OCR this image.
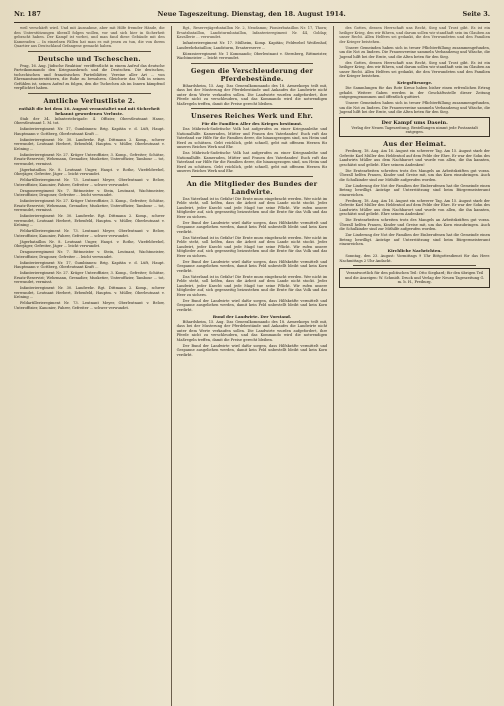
Nr. 187	Neue Tageszeitung. Dienstag, den 18. August 1914.	Seite 3.

weil verschärft wird. Und mit Ausnahme, aber mit Hilfe fremder Hände, die den Unterstützungen überall folgen wollen, vor und sich hier in Sicherheit gebracht haben. Der Kampf ist vorbei, und man fand diese Gebäude mit den Kameraden ... In einzelnen Fällen hat man es mit jenen zu tun, die von ihrem Quartier aus Deutschland Gefangene gemacht haben.

Deutsche und Tscheschen.

Prag, 16. Aug. Jüdische Reaktion' veröffentlicht in einem Aufruf das deutsche Parteikommando den Kriegsausbruch und die Deutschen. Die deutschen, tschechischen und französischen Parteiblätter, Vereine aller Art ... von Ehrenamtsunterstützern, die Ruhe zu bewahren. Gleichwie das Volk in seinen Gefühlen ist, seinen Aufruf zu folgen, den die Tschechen als im Innern kämpfend verpflichtet haben.

Amtliche Verlustliste 2.
enthält die bei dem 16. August veranstaltet und mit Sicherheit bekannt gewordenen Verluste.

Stab der 34. Infanteriebrigade: 4. Offizier, Oberstleutnant Hasse, Oberstleutnant 1. M. tot.

Infanterieregiment Nr. 17, Gumbinnen: Brig. Kapitän v. d. Lüft, Haupt. Hauptmann v. Gottberg, Oberleutnant Kraft ...

Infanterieregiment Nr. 30. Landwehr. Rgt. Dittmann 2. Komp., schwer verwundet, Leutnant Herbert, Erbenfeld, Hauptm. v. Müller, Oberleutnant v. Kröning ...

Infanterieregiment Nr. 27. Krüger Unteroffizier, 3. Komp., Gefreiter; Schütze, Ersatz-Reservist; Wehrmann, Grenadier, Musketier, Unteroffizier, Tambour ... tot, verwundet, vermisst.

Jägerbataillon Nr. 8. Leutnant Unger, Haupt. v. Rothe, Vizefeldwebel, Oberjäger, Gefreiter, Jäger ... leicht verwundet.

Feldartillerieregiment Nr. 73. Leutnant Meyer, Oberleutnant v. Below, Unteroffizier, Kanonier, Fahrer, Gefreiter ... schwer verwundet.

Dragonerregiment Nr. 7. Rittmeister v. Stein, Leutnant, Wachtmeister, Unteroffizier, Dragoner, Gefreiter ... leicht verwundet.

Infanterieregiment Nr. 27. Krüger Unteroffizier, 3. Komp., Gefreiter; Schütze, Ersatz-Reservist; Wehrmann, Grenadier, Musketier, Unteroffizier, Tambour ... tot, verwundet, vermisst.

Infanterieregiment Nr. 30. Landwehr. Rgt. Dittmann 2. Komp., schwer verwundet, Leutnant Herbert, Erbenfeld, Hauptm. v. Müller, Oberleutnant v. Kröning ...

Feldartillerieregiment Nr. 73. Leutnant Meyer, Oberleutnant v. Below, Unteroffizier, Kanonier, Fahrer, Gefreiter ... schwer verwundet.

Jägerbataillon Nr. 8. Leutnant Unger, Haupt. v. Rothe, Vizefeldwebel, Oberjäger, Gefreiter, Jäger ... leicht verwundet.

Dragonerregiment Nr. 7. Rittmeister v. Stein, Leutnant, Wachtmeister, Unteroffizier, Dragoner, Gefreiter ... leicht verwundet.

Infanterieregiment Nr. 17, Gumbinnen: Brig. Kapitän v. d. Lüft, Haupt. Hauptmann v. Gottberg, Oberleutnant Kraft ...

Infanterieregiment Nr. 27. Krüger Unteroffizier, 3. Komp., Gefreiter; Schütze, Ersatz-Reservist; Wehrmann, Grenadier, Musketier, Unteroffizier, Tambour ... tot, verwundet, vermisst.

Infanterieregiment Nr. 30. Landwehr. Rgt. Dittmann 2. Komp., schwer verwundet, Leutnant Herbert, Erbenfeld, Hauptm. v. Müller, Oberleutnant v. Kröning ...

Feldartillerieregiment Nr. 73. Leutnant Meyer, Oberleutnant v. Below, Unteroffizier, Kanonier, Fahrer, Gefreiter ... schwer verwundet.

Rgt., Reservejägerbataillon Nr. 2, Neudamm; Pionierbataillon Nr. 17, Thorn; Ersatzbataillon, Landsturmbataillon, Infanterieregiment Nr. 44, Goldap; Kavallerie ... verwundet.

Infanterieregiment Nr. 17. Mülheim, Komp. Kapitän; Feldwebel Weißenhof, Landwehrbataillon; Landsturm, Ersatzreserve ...

Kürassierregiment Nr. 1 Kommando; Oberleutnant v. Sternberg, Rittmeister, Wachtmeister ... leicht verwundet.

Gegen die Verschleuderung der Pferdebestände.

Bihardsheim, 15. Aug. Das Generalkommando des 18. Armeekorps teilt mit, dass bei der Musterung der Pferdebestände und Ankaufes die Landwirte nicht unter dem Werte verkaufen sollen. Die Landwirte wurden aufgefordert, ihre Pferde nicht zu verschleudern, und das Kommando wird die notwendigen Maßregeln treffen, damit die Preise gerecht bleiben.

Unseres Reiches Werk und Ehr.
Für die Familien Aller des Krieges bestimmt.

Das Mährisch-Sudetische Volk hat aufgerufen zu einer Kriegsanleihe und Nationalhilfe. Kameraden, Mütter und Frauen des Vaterlandes! Euch ruft das Vaterland zur Hilfe für die Familien derer, die hinausgezogen sind, um Heim und Herd zu schützen. Gebt reichlich, gebt schnell, gebt mit offenem Herzen für unseres Reiches Werk und Ehr.

Das Mährisch-Sudetische Volk hat aufgerufen zu einer Kriegsanleihe und Nationalhilfe. Kameraden, Mütter und Frauen des Vaterlandes! Euch ruft das Vaterland zur Hilfe für die Familien derer, die hinausgezogen sind, um Heim und Herd zu schützen. Gebt reichlich, gebt schnell, gebt mit offenem Herzen für unseres Reiches Werk und Ehr.

An die Mitglieder des Bundes der Landwirte.

Das Vaterland ist in Gefahr! Die Ernte muss eingebracht werden. Wer nicht im Felde steht, soll helfen, dass die Arbeit auf dem Lande nicht stockt. Jeder Landwirt, jeder Knecht und jede Magd tue seine Pflicht. Wir rufen unsere Mitglieder auf, sich gegenseitig beizustehen und die Ernte für das Volk und das Heer zu sichern.

Der Bund der Landwirte wird dafür sorgen, dass Hilfskräfte vermittelt und Gespanne ausgeliehen werden, damit kein Feld unbestellt bleibt und kein Korn verdirbt.

Das Vaterland ist in Gefahr! Die Ernte muss eingebracht werden. Wer nicht im Felde steht, soll helfen, dass die Arbeit auf dem Lande nicht stockt. Jeder Landwirt, jeder Knecht und jede Magd tue seine Pflicht. Wir rufen unsere Mitglieder auf, sich gegenseitig beizustehen und die Ernte für das Volk und das Heer zu sichern.

Der Bund der Landwirte wird dafür sorgen, dass Hilfskräfte vermittelt und Gespanne ausgeliehen werden, damit kein Feld unbestellt bleibt und kein Korn verdirbt.

Das Vaterland ist in Gefahr! Die Ernte muss eingebracht werden. Wer nicht im Felde steht, soll helfen, dass die Arbeit auf dem Lande nicht stockt. Jeder Landwirt, jeder Knecht und jede Magd tue seine Pflicht. Wir rufen unsere Mitglieder auf, sich gegenseitig beizustehen und die Ernte für das Volk und das Heer zu sichern.

Der Bund der Landwirte wird dafür sorgen, dass Hilfskräfte vermittelt und Gespanne ausgeliehen werden, damit kein Feld unbestellt bleibt und kein Korn verdirbt.

Bund der Landwirte. Der Vorstand.

Bihardsheim, 15. Aug. Das Generalkommando des 18. Armeekorps teilt mit, dass bei der Musterung der Pferdebestände und Ankaufes die Landwirte nicht unter dem Werte verkaufen sollen. Die Landwirte wurden aufgefordert, ihre Pferde nicht zu verschleudern, und das Kommando wird die notwendigen Maßregeln treffen, damit die Preise gerecht bleiben.

Der Bund der Landwirte wird dafür sorgen, dass Hilfskräfte vermittelt und Gespanne ausgeliehen werden, damit kein Feld unbestellt bleibt und kein Korn verdirbt.

des Gottes, dessen Herrschaft uns Recht, Sieg und Trost gibt. Es ist ein heiliger Krieg, den wir führen, und darum sollen wir standhaft sein im Glauben an unser Recht. Allen Helfern sei gedankt, die den Verwundeten und den Familien der Krieger beistehen.

Unsere Gemeinden haben sich in treuer Pflichterfüllung zusammengefunden, um die Not zu lindern. Die Frauenvereine sammeln Verbandzeug und Wäsche, die Jugend hilft bei der Ernte, und die Alten beten für den Sieg.

des Gottes, dessen Herrschaft uns Recht, Sieg und Trost gibt. Es ist ein heiliger Krieg, den wir führen, und darum sollen wir standhaft sein im Glauben an unser Recht. Allen Helfern sei gedankt, die den Verwundeten und den Familien der Krieger beistehen.

Kriegsfürsorge.

Die Sammlungen für das Rote Kreuz haben bisher einen erfreulichen Ertrag gehabt. Weitere Gaben werden in der Geschäftsstelle dieser Zeitung entgegengenommen und öffentlich quittiert.

Unsere Gemeinden haben sich in treuer Pflichterfüllung zusammengefunden, um die Not zu lindern. Die Frauenvereine sammeln Verbandzeug und Wäsche, die Jugend hilft bei der Ernte, und die Alten beten für den Sieg.

Der Kampf ums Dasein.
Verlag der Neuen Tageszeitung. Bestellungen nimmt jede Postanstalt entgegen.
Aus der Heimat.

Freiburg, 18. Aug. Am 16. August ein schwerer Tag. Am 15. August starb der Gefreite Karl Müller den Heldentod auf dem Felde der Ehre. Er war der Sohn des Landwirts Müller aus dem Nachbarort und wurde von allen, die ihn kannten, geschätzt und geliebt. Ehre seinem Andenken!

Die Erntearbeiten schreiten trotz des Mangels an Arbeitskräften gut voran. Überall helfen Frauen, Kinder und Greise mit, um das Korn einzubringen. Auch die Schulkinder sind zur Mithilfe aufgerufen worden.

Zur Linderung der Not der Familien der Einberufenen hat die Gemeinde einen Betrag bewilligt. Anträge auf Unterstützung sind beim Bürgermeisteramt einzureichen.

Freiburg, 18. Aug. Am 16. August ein schwerer Tag. Am 15. August starb der Gefreite Karl Müller den Heldentod auf dem Felde der Ehre. Er war der Sohn des Landwirts Müller aus dem Nachbarort und wurde von allen, die ihn kannten, geschätzt und geliebt. Ehre seinem Andenken!

Die Erntearbeiten schreiten trotz des Mangels an Arbeitskräften gut voran. Überall helfen Frauen, Kinder und Greise mit, um das Korn einzubringen. Auch die Schulkinder sind zur Mithilfe aufgerufen worden.

Zur Linderung der Not der Familien der Einberufenen hat die Gemeinde einen Betrag bewilligt. Anträge auf Unterstützung sind beim Bürgermeisteramt einzureichen.

Kirchliche Nachrichten.

Sonntag, den 23. August: Vormittags 9 Uhr Bittgottesdienst für das Heer. Nachmittags 2 Uhr Andacht.

Verantwortlich für den politischen Teil: Otto Sieghard; für den übrigen Teil und die Anzeigen: W. Schmidt. Druck und Verlag der Neuen Tageszeitung G. m. b. H., Freiburg.
